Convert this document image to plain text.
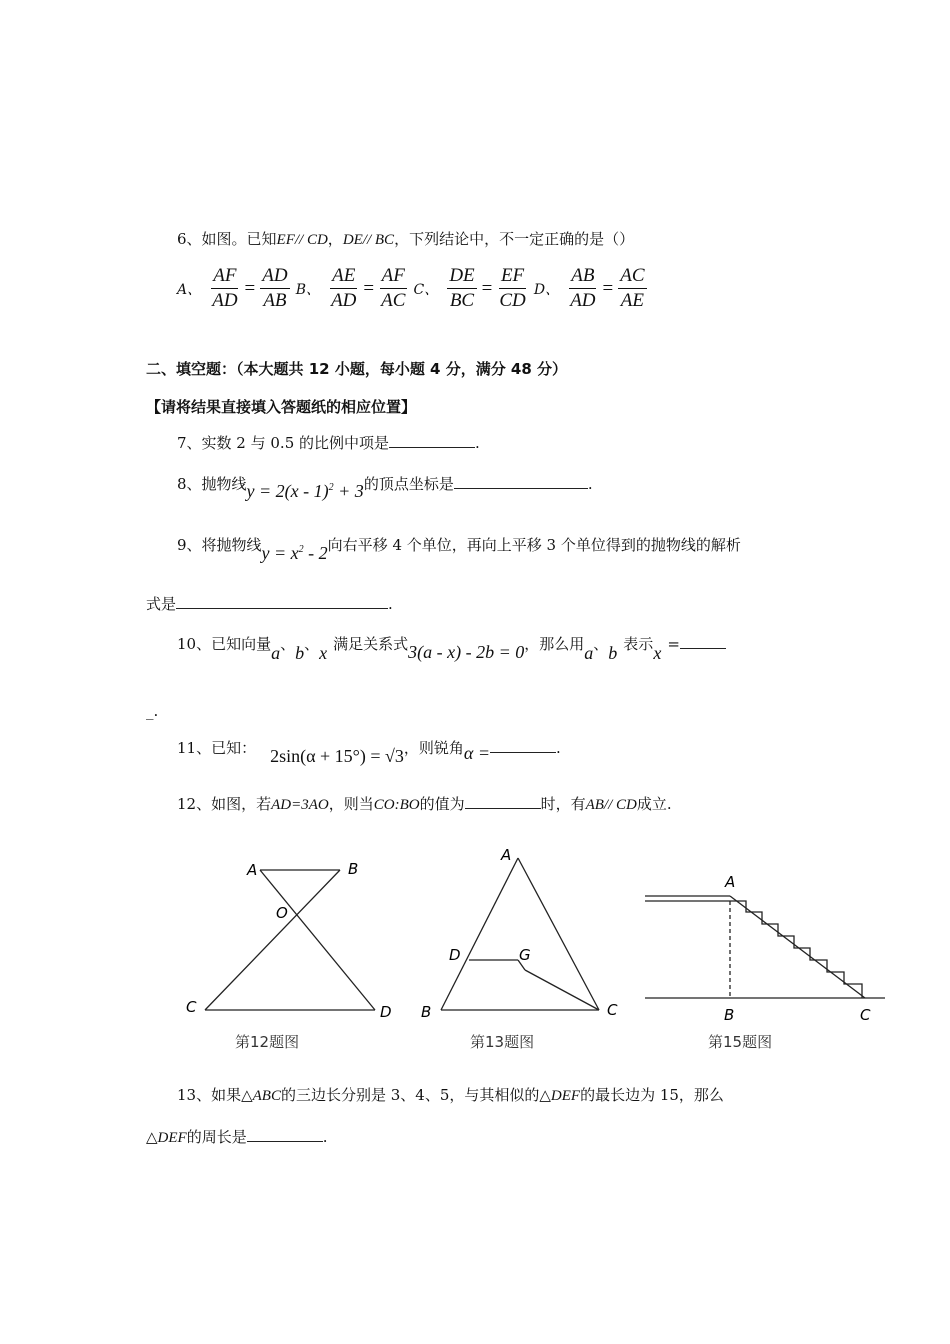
6、如图。已知EF// CD，DE// BC，下列结论中，不一定正确的是（）
A、 $\frac{AF}{AD} = \frac{AD}{AB}$ B、 $\frac{AE}{AD} = \frac{AF}{AC}$ C、 $\frac{DE}{BC} = \frac{EF}{CD}$ D、 $\frac{AB}{AD} = \frac{AC}{AE}$
二、填空题：（本大题共 12 小题，每小题 4 分，满分 48 分）
【请将结果直接填入答题纸的相应位置】
7、实数 2 与 0.5 的比例中项是	.
8、抛物线y = 2(x - 1)$^2$ + 3的顶点坐标是	.
9、将抛物线$y = x^2 - 2$向右平移 4 个单位，再向上平移 3 个单位得到的抛物线的解析
式是	.
10、已知向量a、b、x 满足关系式3(a - x) - 2b = 0，那么用a、b 表示x =
_.
11、已知： 2sin(α + 15°) = √3，则锐角α =	.
12、如图，若AD=3AO，则当CO:BO的值为	时，有AB// CD成立.
A	B
O
C	D
第12题图
A
D	G
B	C
第13题图
A
B	C
第15题图
13、如果△ABC的三边长分别是 3、4、5，与其相似的△DEF的最长边为 15，那么
△DEF的周长是	.
